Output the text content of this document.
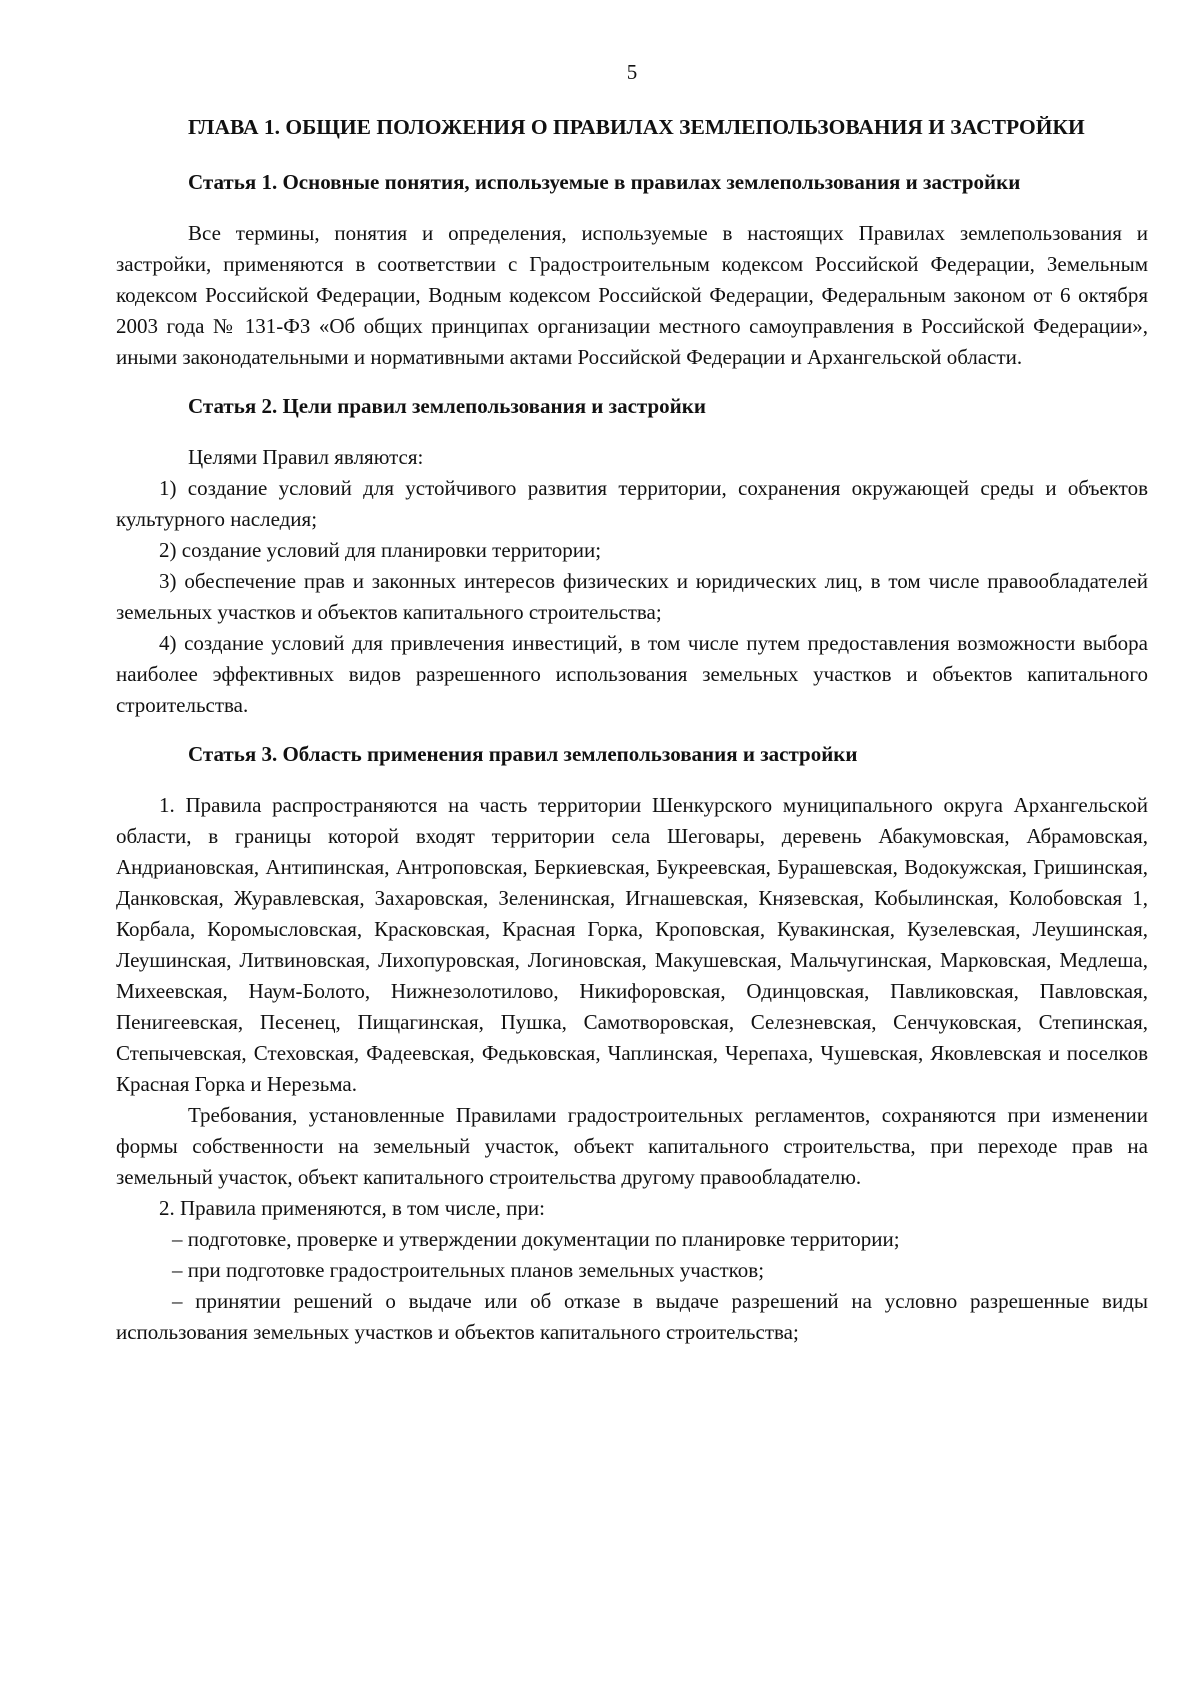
5
ГЛАВА 1. ОБЩИЕ ПОЛОЖЕНИЯ О ПРАВИЛАХ ЗЕМЛЕПОЛЬЗОВАНИЯ И ЗАСТРОЙКИ
Статья 1. Основные понятия, используемые в правилах землепользования и застройки

Все термины, понятия и определения, используемые в настоящих Правилах землепользования и застройки, применяются в соответствии с Градостроительным кодексом Российской Федерации, Земельным кодексом Российской Федерации, Водным кодексом Российской Федерации, Федеральным законом от 6 октября 2003 года № 131-ФЗ «Об общих принципах организации местного самоуправления в Российской Федерации», иными законодательными и нормативными актами Российской Федерации и Архангельской области.

Статья 2. Цели правил землепользования и застройки

Целями Правил являются:

1) создание условий для устойчивого развития территории, сохранения окружающей среды и объектов культурного наследия;

2) создание условий для планировки территории;

3) обеспечение прав и законных интересов физических и юридических лиц, в том числе правообладателей земельных участков и объектов капитального строительства;

4) создание условий для привлечения инвестиций, в том числе путем предоставления возможности выбора наиболее эффективных видов разрешенного использования земельных участков и объектов капитального строительства.

Статья 3. Область применения правил землепользования и застройки

1. Правила распространяются на часть территории Шенкурского муниципального округа Архангельской области, в границы которой входят территории села Шеговары, деревень Абакумовская, Абрамовская, Андриановская, Антипинская, Антроповская, Беркиевская, Букреевская, Бурашевская, Водокужская, Гришинская, Данковская, Журавлевская, Захаровская, Зеленинская, Игнашевская, Князевская, Кобылинская, Колобовская 1, Корбала, Коромысловская, Красковская, Красная Горка, Кроповская, Кувакинская, Кузелевская, Леушинская, Леушинская, Литвиновская, Лихопуровская, Логиновская, Макушевская, Мальчугинская, Марковская, Медлеша, Михеевская, Наум-Болото, Нижнезолотилово, Никифоровская, Одинцовская, Павликовская, Павловская, Пенигеевская, Песенец, Пищагинская, Пушка, Самотворовская, Селезневская, Сенчуковская, Степинская, Степычевская, Стеховская, Фадеевская, Федьковская, Чаплинская, Черепаха, Чушевская, Яковлевская и поселков Красная Горка и Нерезьма.

Требования, установленные Правилами градостроительных регламентов, сохраняются при изменении формы собственности на земельный участок, объект капитального строительства, при переходе прав на земельный участок, объект капитального строительства другому правообладателю.

2. Правила применяются, в том числе, при:

– подготовке, проверке и утверждении документации по планировке территории;

– при подготовке градостроительных планов земельных участков;

– принятии решений о выдаче или об отказе в выдаче разрешений на условно разрешенные виды использования земельных участков и объектов капитального строительства;
